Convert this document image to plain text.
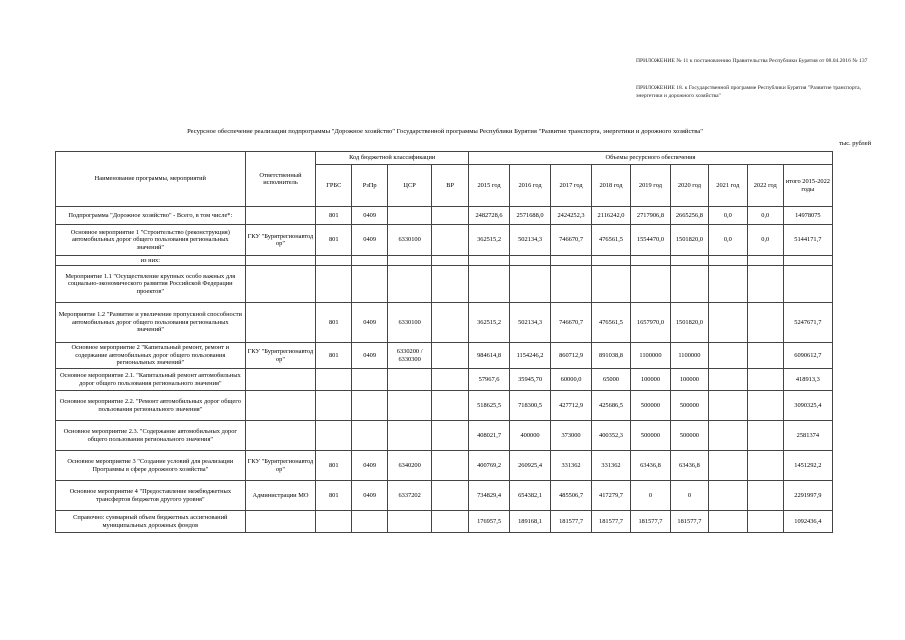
ПРИЛОЖЕНИЕ № 11 к постановлению Правительства Республики Бурятия от 08.04.2016 № 137
ПРИЛОЖЕНИЕ 18. к Государственной программе Республики Бурятия "Развитие транспорта, энергетики и дорожного хозяйства"
Ресурсное обеспечение реализации подпрограммы "Дорожное хозяйство" Государственной программы Республики Бурятия "Развитие транспорта, энергетики и дорожного хозяйства"
тыс. рублей
Наименование программы, мероприятий	Ответственный исполнитель	Код бюджетной классификации				Объемы ресурсного обеспечения								
		ГРБС	РзПр	ЦСР	ВР	2015 год	2016 год	2017 год	2018 год	2019 год	2020 год	2021 год	2022 год	итого 2015-2022 годы
Подпрограмма "Дорожное хозяйство" - Всего, в том числе*:		801	0409			2482728,6	2571688,0	2424252,3	2116242,0	2717906,8	2665256,8	0,0	0,0	14978075
Основное мероприятие 1 "Строительство (реконструкция) автомобильных дорог общего пользования региональных значений"	ГКУ "Бурятрегионавтод ор"	801	0409	6330100		362515,2	502134,3	746670,7	476561,5	1554470,0	1501820,0	0,0	0,0	5144171,7
из них:														
Мероприятие 1.1 "Осуществление крупных особо важных для социально-экономического развития Российской Федерации проектов"														
Мероприятие 1.2 "Развитие и увеличение пропускной способности автомобильных дорог общего пользования региональных значений"		801	0409	6330100		362515,2	502134,3	746670,7	476561,5	1657970,0	1501820,0			5247671,7
Основное мероприятие 2 "Капитальный ремонт, ремонт и содержание автомобильных дорог общего пользования региональных значений"	ГКУ "Бурятрегионавтод ор"	801	0409	6330200 / 6330300		984614,8	1154246,2	860712,9	891038,8	1100000	1100000			6090612,7
Основное мероприятие 2.1. "Капитальный ремонт автомобильных дорог общего пользования регионального значения"						57967,6	35945,70	60000,0	65000	100000	100000			418913,3
Основное мероприятие 2.2. "Ремонт автомобильных дорог общего пользования регионального значения"						518625,5	718300,5	427712,9	425686,5	500000	500000			3090325,4
Основное мероприятие 2.3. "Содержание автомобильных дорог общего пользования регионального значения"						408021,7	400000	373000	400352,3	500000	500000			2581374
Основное мероприятие 3 "Создание условий для реализации Программы в сфере дорожного хозяйства"	ГКУ "Бурятрегионавтод ор"	801	0409	6340200		400769,2	260925,4	331362	331362	63436,8	63436,8			1451292,2
Основное мероприятие 4 "Предоставление межбюджетных трансфертов бюджетов другого уровня"	Администрации МО	801	0409	6337202		734829,4	654382,1	485506,7	417279,7	0	0			2291997,9
Справочно: суммарный объем бюджетных ассигнований муниципальных дорожных фондов						176957,5	189168,1	181577,7	181577,7	181577,7	181577,7			1092436,4
